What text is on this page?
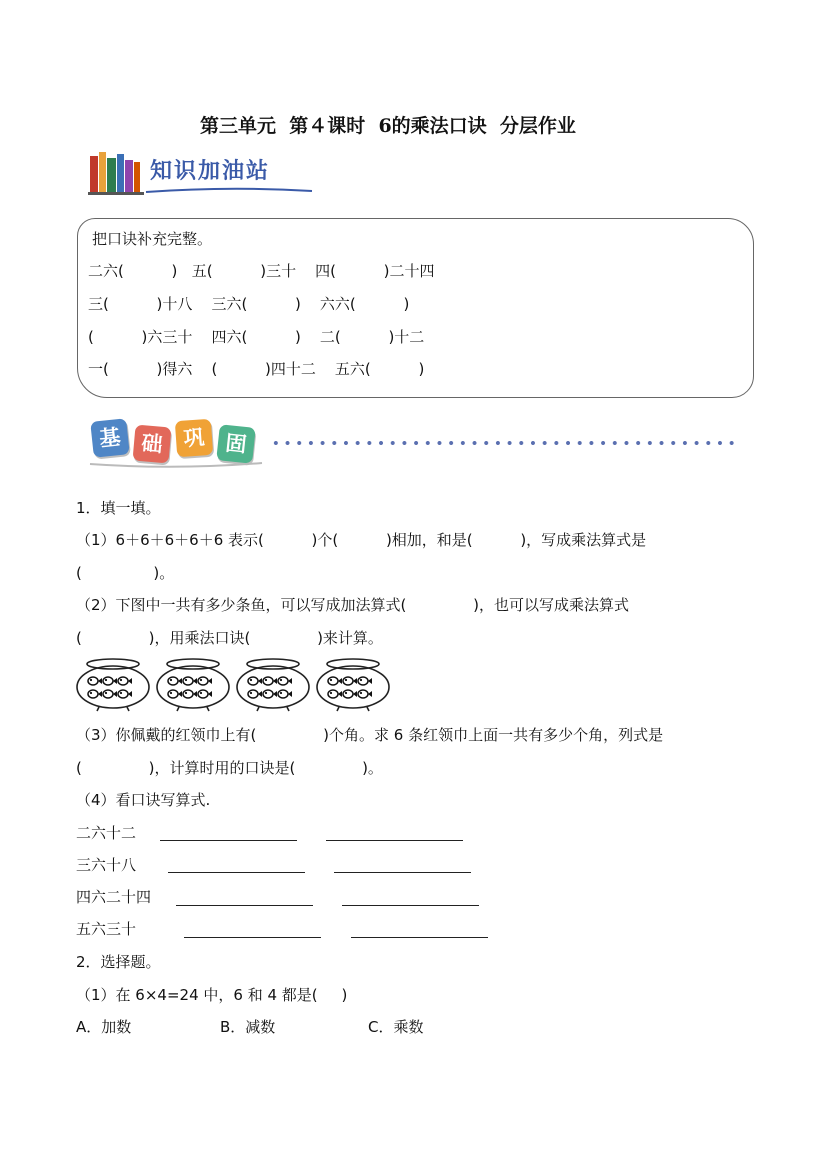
第三单元  第４课时  6的乘法口诀  分层作业
知识加油站
把口诀补充完整。
二六(          )   五(          )三十    四(          )二十四
三(          )十八    三六(          )    六六(          )
(          )六三十    四六(          )    二(          )十二
一(          )得六    (          )四十二    五六(          )
基 础 巩 固
1．填一填。
（1）6＋6＋6＋6＋6 表示(          )个(          )相加，和是(          )，写成乘法算式是
(               )。
（2）下图中一共有多少条鱼，可以写成加法算式(              )，也可以写成乘法算式
(              )，用乘法口诀(              )来计算。
（3）你佩戴的红领巾上有(              )个角。求 6 条红领巾上面一共有多少个角，列式是
(              )，计算时用的口诀是(              )。
（4）看口诀写算式.
二六十二
三六十八
四六二十四
五六三十
2．选择题。
（1）在 6×4=24 中，6 和 4 都是(     )
A．加数	B．减数	C．乘数
